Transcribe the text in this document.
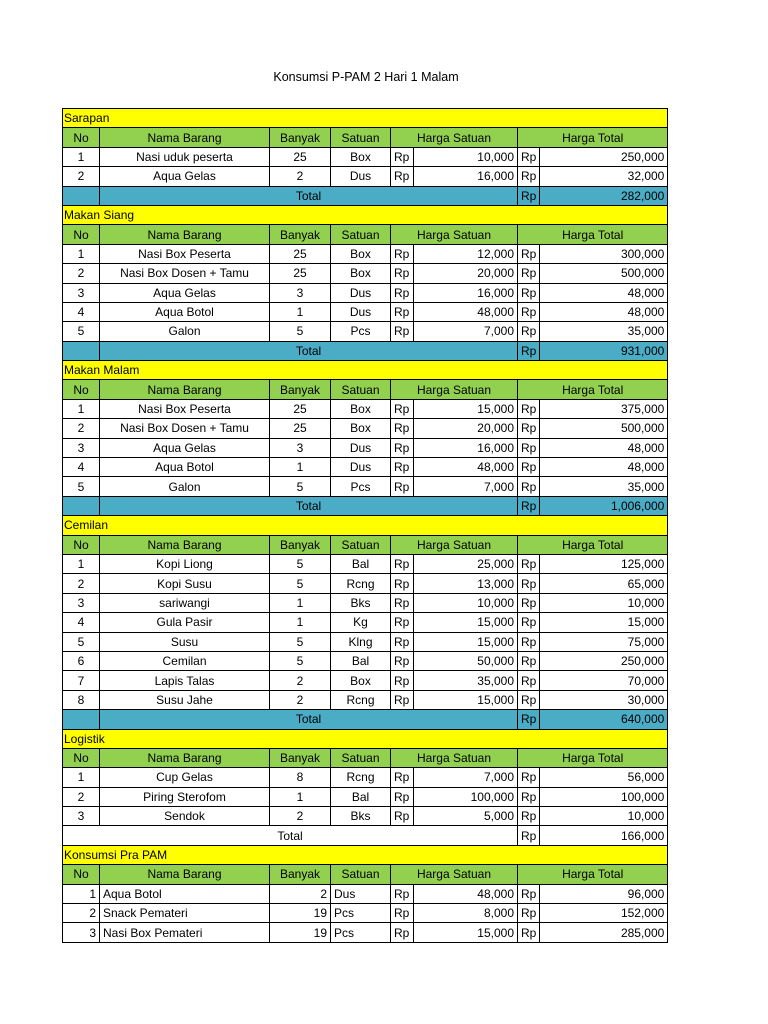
Konsumsi P-PAM 2 Hari 1 Malam
Sarapan							
No	Nama Barang	Banyak	Satuan	Harga Satuan		Harga Total	
1	Nasi uduk peserta	25	Box	Rp	10,000	Rp	250,000
2	Aqua Gelas	2	Dus	Rp	16,000	Rp	32,000
	Total					Rp	282,000
Makan Siang							
No	Nama Barang	Banyak	Satuan	Harga Satuan		Harga Total	
1	Nasi Box Peserta	25	Box	Rp	12,000	Rp	300,000
2	Nasi Box Dosen + Tamu	25	Box	Rp	20,000	Rp	500,000
3	Aqua Gelas	3	Dus	Rp	16,000	Rp	48,000
4	Aqua Botol	1	Dus	Rp	48,000	Rp	48,000
5	Galon	5	Pcs	Rp	7,000	Rp	35,000
	Total					Rp	931,000
Makan Malam							
No	Nama Barang	Banyak	Satuan	Harga Satuan		Harga Total	
1	Nasi Box Peserta	25	Box	Rp	15,000	Rp	375,000
2	Nasi Box Dosen + Tamu	25	Box	Rp	20,000	Rp	500,000
3	Aqua Gelas	3	Dus	Rp	16,000	Rp	48,000
4	Aqua Botol	1	Dus	Rp	48,000	Rp	48,000
5	Galon	5	Pcs	Rp	7,000	Rp	35,000
	Total					Rp	1,006,000
Cemilan							
No	Nama Barang	Banyak	Satuan	Harga Satuan		Harga Total	
1	Kopi Liong	5	Bal	Rp	25,000	Rp	125,000
2	Kopi Susu	5	Rcng	Rp	13,000	Rp	65,000
3	sariwangi	1	Bks	Rp	10,000	Rp	10,000
4	Gula Pasir	1	Kg	Rp	15,000	Rp	15,000
5	Susu	5	Klng	Rp	15,000	Rp	75,000
6	Cemilan	5	Bal	Rp	50,000	Rp	250,000
7	Lapis Talas	2	Box	Rp	35,000	Rp	70,000
8	Susu Jahe	2	Rcng	Rp	15,000	Rp	30,000
	Total					Rp	640,000
Logistik							
No	Nama Barang	Banyak	Satuan	Harga Satuan		Harga Total	
1	Cup Gelas	8	Rcng	Rp	7,000	Rp	56,000
2	Piring Sterofom	1	Bal	Rp	100,000	Rp	100,000
3	Sendok	2	Bks	Rp	5,000	Rp	10,000
Total						Rp	166,000
Konsumsi Pra PAM							
No	Nama Barang	Banyak	Satuan	Harga Satuan		Harga Total	
1	Aqua Botol	2	Dus	Rp	48,000	Rp	96,000
2	Snack Pemateri	19	Pcs	Rp	8,000	Rp	152,000
3	Nasi Box Pemateri	19	Pcs	Rp	15,000	Rp	285,000
